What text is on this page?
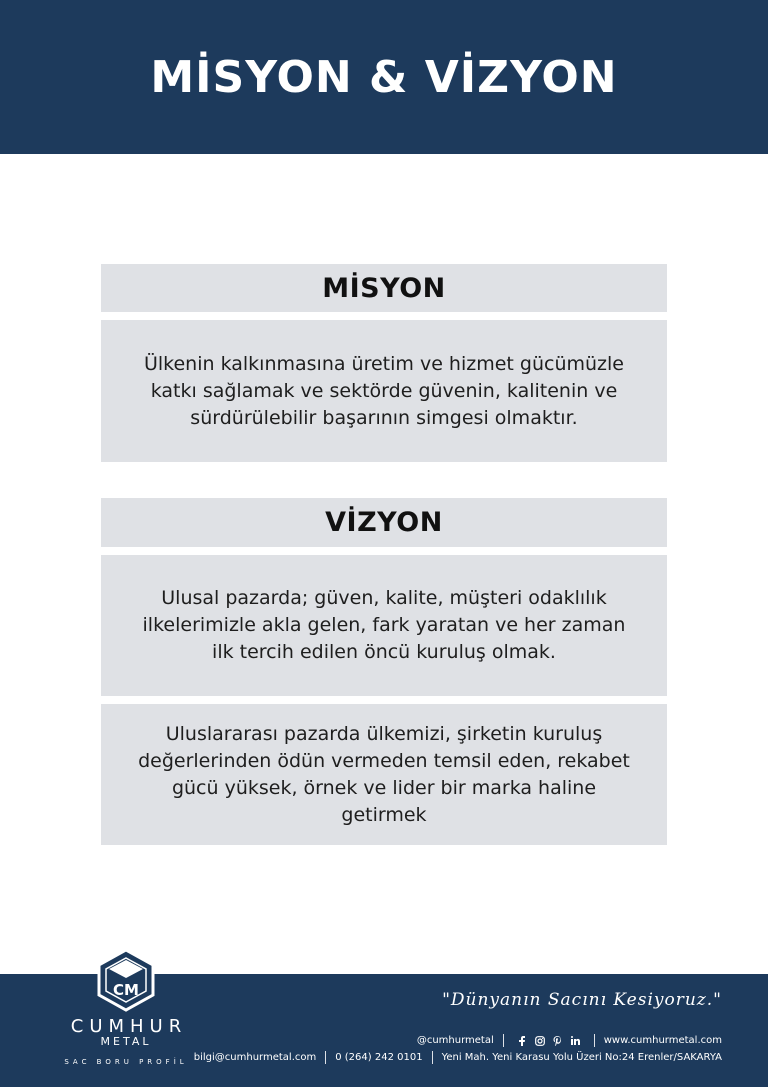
MİSYON & VİZYON
MİSYON

Ülkenin kalkınmasına üretim ve hizmet gücümüzle katkı sağlamak ve sektörde güvenin, kalitenin ve sürdürülebilir başarının simgesi olmaktır.

VİZYON

Ulusal pazarda; güven, kalite, müşteri odaklılık ilkelerimizle akla gelen, fark yaratan ve her zaman ilk tercih edilen öncü kuruluş olmak.

Uluslararası pazarda ülkemizi, şirketin kuruluş değerlerinden ödün vermeden temsil eden, rekabet gücü yüksek, örnek ve lider bir marka haline getirmek

CM
CUMHUR
METAL
SAC BORU PROFİL
"Dünyanın Sacını Kesiyoruz."
@cumhurmetal	www.cumhurmetal.com
bilgi@cumhurmetal.com 0 (264) 242 0101 Yeni Mah. Yeni Karasu Yolu Üzeri No:24 Erenler/SAKARYA
